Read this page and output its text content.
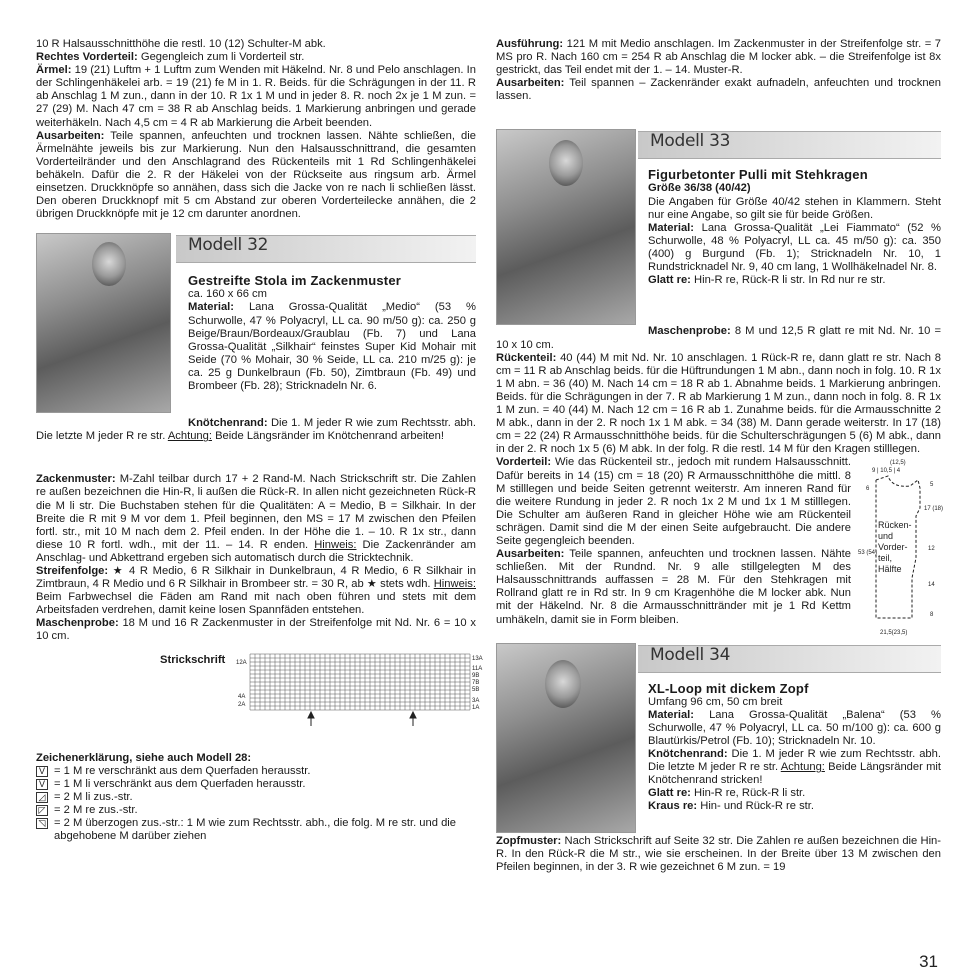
10 R Halsausschnitthöhe die restl. 10 (12) Schulter-M abk.

Rechtes Vorderteil: Gegengleich zum li Vorderteil str.

Ärmel: 19 (21) Luftm + 1 Luftm zum Wenden mit Häkelnd. Nr. 8 und Pelo anschlagen. In der Schlingenhäkelei arb. = 19 (21) fe M in 1. R. Beids. für die Schrägungen in der 11. R ab Anschlag 1 M zun., dann in der 10. R 1x 1 M und in jeder 8. R. noch 2x je 1 M zun. = 27 (29) M. Nach 47 cm = 38 R ab Anschlag beids. 1 Markierung anbringen und gerade weiterhäkeln. Nach 4,5 cm = 4 R ab Markierung die Arbeit beenden.

Ausarbeiten: Teile spannen, anfeuchten und trocknen lassen. Nähte schließen, die Ärmelnähte jeweils bis zur Markierung. Nun den Halsausschnittrand, die gesamten Vorderteilränder und den Anschlagrand des Rückenteils mit 1 Rd Schlingenhäkelei behäkeln. Dafür die 2. R der Häkelei von der Rückseite aus ringsum arb. Ärmel einsetzen. Druckknöpfe so annähen, dass sich die Jacke von re nach li schließen lässt. Den oberen Druckknopf mit 5 cm Abstand zur oberen Vorderteilecke annähen, die 2 übrigen Druckknöpfe mit je 12 cm darunter anordnen.

Modell 32
Gestreifte Stola im Zackenmuster

ca. 160 x 66 cm

Material: Lana Grossa-Qualität „Medio“ (53 % Schurwolle, 47 % Polyacryl, LL ca. 90 m/50 g): ca. 250 g Beige/Braun/Bordeaux/Graublau (Fb. 7) und Lana Grossa-Qualität „Silkhair“ feinstes Super Kid Mohair mit Seide (70 % Mohair, 30 % Seide, LL ca. 210 m/25 g): je ca. 25 g Dunkelbraun (Fb. 50), Zimtbraun (Fb. 49) und Brombeer (Fb. 28); Stricknadeln Nr. 6.

Knötchenrand: Die 1. M jeder R wie zum Rechtsstr. abh. Die letzte M jeder R re str. Achtung: Beide Längsränder im Knötchenrand arbeiten!

Zackenmuster: M-Zahl teilbar durch 17 + 2 Rand-M. Nach Strickschrift str. Die Zahlen re außen bezeichnen die Hin-R, li außen die Rück-R. In allen nicht gezeichneten Rück-R die M li str. Die Buchstaben stehen für die Qualitäten: A = Medio, B = Silkhair. In der Breite die R mit 9 M vor dem 1. Pfeil beginnen, den MS = 17 M zwischen den Pfeilen fortl. str., mit 10 M nach dem 2. Pfeil enden. In der Höhe die 1. – 10. R 1x str., dann diese 10 R fortl. wdh., mit der 11. – 14. R enden. Hinweis: Die Zackenränder am Anschlag- und Abkettrand ergeben sich automatisch durch die Stricktechnik.

Streifenfolge: ★ 4 R Medio, 6 R Silkhair in Dunkelbraun, 4 R Medio, 6 R Silkhair in Zimtbraun, 4 R Medio und 6 R Silkhair in Brombeer str. = 30 R, ab ★ stets wdh. Hinweis: Beim Farbwechsel die Fäden am Rand mit nach oben führen und stets mit dem Arbeitsfaden verdrehen, damit keine losen Spannfäden entstehen.

Maschenprobe: 18 M und 16 R Zackenmuster in der Streifenfolge mit Nd. Nr. 6 = 10 x 10 cm.

Strickschrift 12A
4A
2A
13A
11A
9B
7B
5B
3A
1A
Zeichenerklärung, siehe auch Modell 28:
V = 1 M re verschränkt aus dem Querfaden herausstr.
V = 1 M li verschränkt aus dem Querfaden herausstr.
◿ = 2 M li zus.-str.
◸ = 2 M re zus.-str.
◹ = 2 M überzogen zus.-str.: 1 M wie zum Rechtsstr. abh., die folg. M re str. und die abgehobene M darüber ziehen

Ausführung: 121 M mit Medio anschlagen. Im Zackenmuster in der Streifenfolge str. = 7 MS pro R. Nach 160 cm = 254 R ab Anschlag die M locker abk. – die Streifenfolge ist 8x gestrickt, das Teil endet mit der 1. – 14. Muster-R.

Ausarbeiten: Teil spannen – Zackenränder exakt aufnadeln, anfeuchten und trocknen lassen.

Modell 33
Figurbetonter Pulli mit Stehkragen

Größe 36/38 (40/42)

Die Angaben für Größe 40/42 stehen in Klammern. Steht nur eine Angabe, so gilt sie für beide Größen.

Material: Lana Grossa-Qualität „Lei Fiammato“ (52 % Schurwolle, 48 % Polyacryl, LL ca. 45 m/50 g): ca. 350 (400) g Burgund (Fb. 1); Stricknadeln Nr. 10, 1 Rundstricknadel Nr. 9, 40 cm lang, 1 Wollhäkelnadel Nr. 8.

Glatt re: Hin-R re, Rück-R li str. In Rd nur re str.

Maschenprobe: 8 M und 12,5 R glatt re mit Nd. Nr. 10 = 10 x 10 cm.

Rückenteil: 40 (44) M mit Nd. Nr. 10 anschlagen. 1 Rück-R re, dann glatt re str. Nach 8 cm = 11 R ab Anschlag beids. für die Hüftrundungen 1 M abn., dann noch in folg. 10. R 1x 1 M abn. = 36 (40) M. Nach 14 cm = 18 R ab 1. Abnahme beids. 1 Markierung anbringen. Beids. für die Schrägungen in der 7. R ab Markierung 1 M zun., dann noch in folg. 8. R 1x 1 M zun. = 40 (44) M. Nach 12 cm = 16 R ab 1. Zunahme beids. für die Armausschnitte 2 M abk., dann in der 2. R noch 1x 1 M abk. = 34 (38) M. Dann gerade weiterstr. In 17 (18) cm = 22 (24) R Armausschnitthöhe beids. für die Schulterschrägungen 5 (6) M abk., dann in der 2. R noch 1x 5 (6) M abk. In der folg. R die restl. 14 M für den Kragen stilllegen.

Vorderteil: Wie das Rückenteil str., jedoch mit rundem Halsausschnitt. Dafür bereits in 14 (15) cm = 18 (20) R Armausschnitthöhe die mittl. 8 M stilllegen und beide Seiten getrennt weiterstr. Am inneren Rand für die weitere Rundung in jeder 2. R noch 1x 2 M und 1x 1 M stilllegen. Die Schulter am äußeren Rand in gleicher Höhe wie am Rückenteil schrägen. Damit sind die M der einen Seite aufgebraucht. Die andere Seite gegengleich beenden.

Ausarbeiten: Teile spannen, anfeuchten und trocknen lassen. Nähte schließen. Mit der Rundnd. Nr. 9 alle stillgelegten M des Halsausschnittrands auffassen = 28 M. Für den Stehkragen mit Rollrand glatt re in Rd str. In 9 cm Kragenhöhe die M locker abk. Nun mit der Häkelnd. Nr. 8 die Armausschnittränder mit je 1 Rd Kettm umhäkeln, damit sie in Form bleiben.

(12,5)
9 | 10,5 | 4
6
53 (54)
5
17 (18)
12
14
8
21,5(23,5)
Rücken-
und
Vorder-
teil,
Hälfte
Modell 34
XL-Loop mit dickem Zopf

Umfang 96 cm, 50 cm breit

Material: Lana Grossa-Qualität „Balena“ (53 % Schurwolle, 47 % Polyacryl, LL ca. 50 m/100 g): ca. 600 g Blautürkis/Petrol (Fb. 10); Stricknadeln Nr. 10.

Knötchenrand: Die 1. M jeder R wie zum Rechtsstr. abh. Die letzte M jeder R re str. Achtung: Beide Längsränder mit Knötchenrand stricken!

Glatt re: Hin-R re, Rück-R li str.

Kraus re: Hin- und Rück-R re str.

Zopfmuster: Nach Strickschrift auf Seite 32 str. Die Zahlen re außen bezeichnen die Hin-R. In den Rück-R die M str., wie sie erscheinen. In der Breite über 13 M zwischen den Pfeilen beginnen, in der 3. R wie gezeichnet 6 M zun. = 19

31
